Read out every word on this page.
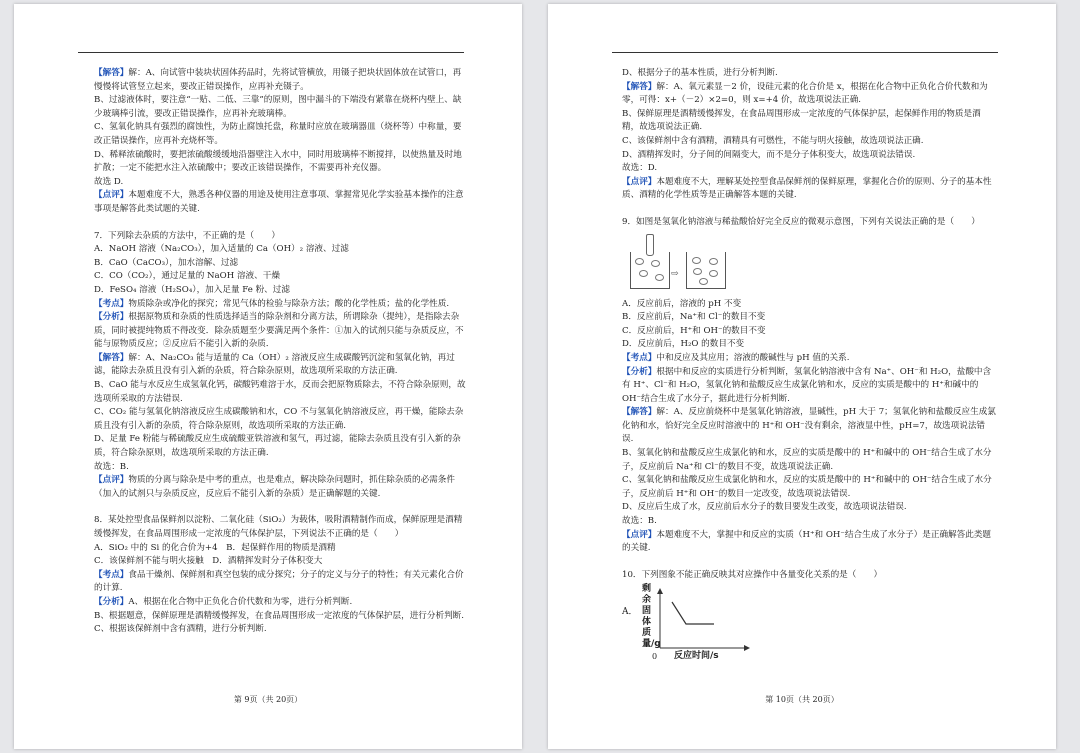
【解答】解：A、向试管中装块状固体药品时，先将试管横放，用镊子把块状固体放在试管口，再慢慢将试管竖立起来，要改正错误操作，应再补充镊子。

B、过滤液体时，要注意“一贴、二低、三靠”的原则，图中漏斗的下端没有紧靠在烧杯内壁上、缺少玻璃棒引流，要改正错误操作，应再补充玻璃棒。

C、氢氧化钠具有强烈的腐蚀性，为防止腐蚀托盘，称量时应放在玻璃器皿（烧杯等）中称量，要改正错误操作，应再补充烧杯等。

D、稀释浓硫酸时，要把浓硫酸缓缓地沿器壁注入水中，同时用玻璃棒不断搅拌，以使热量及时地扩散；一定不能把水注入浓硫酸中；要改正该错误操作，不需要再补充仪器。

故选 D.

【点评】本题难度不大，熟悉各种仪器的用途及使用注意事项、掌握常见化学实验基本操作的注意事项是解答此类试题的关键.

7．下列除去杂质的方法中，不正确的是（　　）

A．NaOH 溶液（Na₂CO₃），加入适量的 Ca（OH）₂ 溶液、过滤

B．CaO（CaCO₃），加水溶解、过滤

C．CO（CO₂），通过足量的 NaOH 溶液、干燥

D．FeSO₄ 溶液（H₂SO₄），加入足量 Fe 粉、过滤

【考点】物质除杂或净化的探究；常见气体的检验与除杂方法；酸的化学性质；盐的化学性质.

【分析】根据原物质和杂质的性质选择适当的除杂剂和分离方法，所谓除杂（提纯），是指除去杂质，同时被提纯物质不得改变．除杂质题至少要满足两个条件：①加入的试剂只能与杂质反应，不能与原物质反应；②反应后不能引入新的杂质．

【解答】解：A、Na₂CO₃ 能与适量的 Ca（OH）₂ 溶液反应生成碳酸钙沉淀和氢氧化钠，再过滤，能除去杂质且没有引入新的杂质，符合除杂原则，故选项所采取的方法正确.

B、CaO 能与水反应生成氢氧化钙，碳酸钙难溶于水，反而会把原物质除去，不符合除杂原则，故选项所采取的方法错误.

C、CO₂ 能与氢氧化钠溶液反应生成碳酸钠和水，CO 不与氢氧化钠溶液反应，再干燥，能除去杂质且没有引入新的杂质，符合除杂原则，故选项所采取的方法正确.

D、足量 Fe 粉能与稀硫酸反应生成硫酸亚铁溶液和氢气，再过滤，能除去杂质且没有引入新的杂质，符合除杂原则，故选项所采取的方法正确.

故选：B.

【点评】物质的分离与除杂是中考的重点，也是难点，解决除杂问题时，抓住除杂质的必需条件（加入的试剂只与杂质反应，反应后不能引入新的杂质）是正确解题的关键.

8．某处控型食品保鲜剂以淀粉、二氧化硅（SiO₂）为载体，吸附酒精制作而成，保鲜原理是酒精缓慢挥发，在食品周围形成一定浓度的气体保护层，下列说法不正确的是（　　）

A．SiO₂ 中的 Si 的化合价为+4　B．起保鲜作用的物质是酒精

C．该保鲜剂不能与明火接触　D．酒精挥发时分子体积变大

【考点】食品干燥剂、保鲜剂和真空包装的成分探究；分子的定义与分子的特性；有关元素化合价的计算.

【分析】A、根据在化合物中正负化合价代数和为零，进行分析判断.

B、根据题意，保鲜原理是酒精缓慢挥发，在食品周围形成一定浓度的气体保护层，进行分析判断.

C、根据该保鲜剂中含有酒精，进行分析判断.

第 9页（共 20页）

D、根据分子的基本性质，进行分析判断.

【解答】解：A、氧元素显－2 价，设硅元素的化合价是 x，根据在化合物中正负化合价代数和为零，可得：x+（－2）×2=0，则 x=+4 价，故选项说法正确.

B、保鲜原理是酒精缓慢挥发，在食品周围形成一定浓度的气体保护层，起保鲜作用的物质是酒精，故选项说法正确.

C、该保鲜剂中含有酒精，酒精具有可燃性，不能与明火接触，故选项说法正确.

D、酒精挥发时，分子间的间隔变大，而不是分子体积变大，故选项说法错误.

故选：D.

【点评】本题难度不大，理解某处控型食品保鲜剂的保鲜原理，掌握化合价的原则、分子的基本性质、酒精的化学性质等是正确解答本题的关键.

9．如图是氢氧化钠溶液与稀盐酸恰好完全反应的微观示意图，下列有关说法正确的是（　　）

⇨

A．反应前后，溶液的 pH 不变

B．反应前后，Na⁺和 Cl⁻的数目不变

C．反应前后，H⁺和 OH⁻的数目不变

D．反应前后，H₂O 的数目不变

【考点】中和反应及其应用；溶液的酸碱性与 pH 值的关系.

【分析】根据中和反应的实质进行分析判断，氢氧化钠溶液中含有 Na⁺、OH⁻和 H₂O，盐酸中含有 H⁺、Cl⁻和 H₂O，氢氧化钠和盐酸反应生成氯化钠和水，反应的实质是酸中的 H⁺和碱中的 OH⁻结合生成了水分子，据此进行分析判断.

【解答】解：A、反应前烧杯中是氢氧化钠溶液，显碱性，pH 大于 7；氢氧化钠和盐酸反应生成氯化钠和水，恰好完全反应时溶液中的 H⁺和 OH⁻没有剩余，溶液显中性，pH=7，故选项说法错误.

B、氢氧化钠和盐酸反应生成氯化钠和水，反应的实质是酸中的 H⁺和碱中的 OH⁻结合生成了水分子，反应前后 Na⁺和 Cl⁻的数目不变，故选项说法正确.

C、氢氧化钠和盐酸反应生成氯化钠和水，反应的实质是酸中的 H⁺和碱中的 OH⁻结合生成了水分子，反应前后 H⁺和 OH⁻的数目一定改变，故选项说法错误.

D、反应后生成了水，反应前后水分子的数目要发生改变，故选项说法错误.

故选：B.

【点评】本题难度不大，掌握中和反应的实质（H⁺和 OH⁻结合生成了水分子）是正确解答此类题的关键.

10．下列图象不能正确反映其对应操作中各量变化关系的是（　　）

A．
剩余固体质量/g
0 反应时间/s
第 10页（共 20页）
